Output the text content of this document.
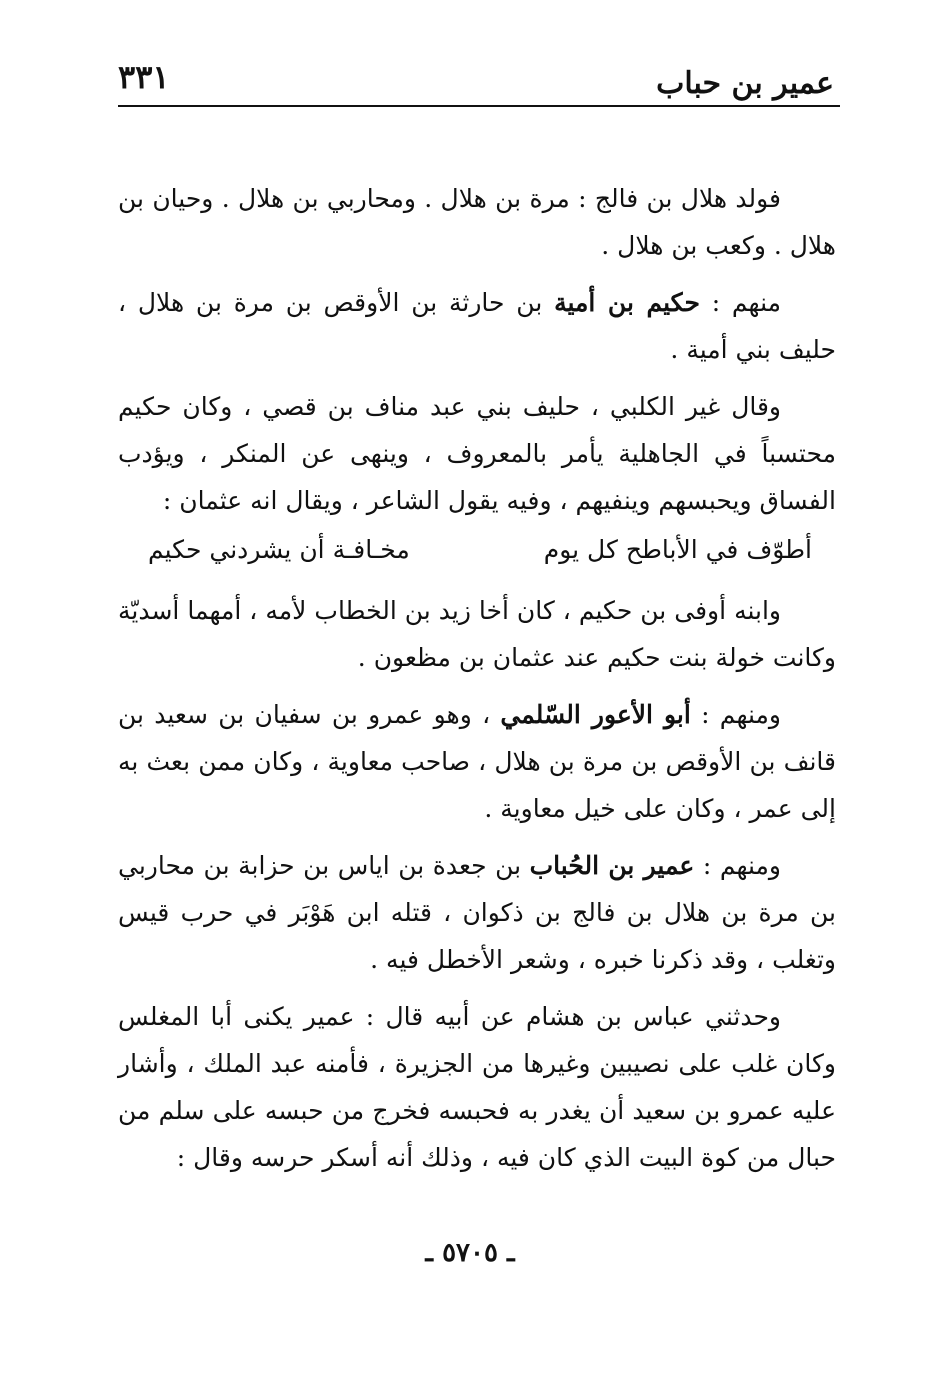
عمير بن حباب
٣٣١

فولد هلال بن فالج : مرة بن هلال . ومحاربي بن هلال . وحيان بن هلال . وكعب بن هلال .

منهم : حكيم بن أمية بن حارثة بن الأوقص بن مرة بن هلال ، حليف بني أمية .

وقال غير الكلبي ، حليف بني عبد مناف بن قصي ، وكان حكيم محتسباً في الجاهلية يأمر بالمعروف ، وينهى عن المنكر ، ويؤدب الفساق ويحبسهم وينفيهم ، وفيه يقول الشاعر ، ويقال انه عثمان :

أطوّف في الأباطح كل يوم
مخـافـة أن يشردني حكيم

وابنه أوفى بن حكيم ، كان أخا زيد بن الخطاب لأمه ، أمهما أسديّة وكانت خولة بنت حكيم عند عثمان بن مظعون .

ومنهم : أبو الأعور السّلمي ، وهو عمرو بن سفيان بن سعيد بن قانف بن الأوقص بن مرة بن هلال ، صاحب معاوية ، وكان ممن بعث به إلى عمر ، وكان على خيل معاوية .

ومنهم : عمير بن الحُباب بن جعدة بن اياس بن حزابة بن محاربي بن مرة بن هلال بن فالج بن ذكوان ، قتله ابن هَوْبَر في حرب قيس وتغلب ، وقد ذكرنا خبره ، وشعر الأخطل فيه .

وحدثني عباس بن هشام عن أبيه قال : عمير يكنى أبا المغلس وكان غلب على نصيبين وغيرها من الجزيرة ، فأمنه عبد الملك ، وأشار عليه عمرو بن سعيد أن يغدر به فحبسه فخرج من حبسه على سلم من حبال من كوة البيت الذي كان فيه ، وذلك أنه أسكر حرسه وقال :

ـ ٥٧٠٥ ـ
